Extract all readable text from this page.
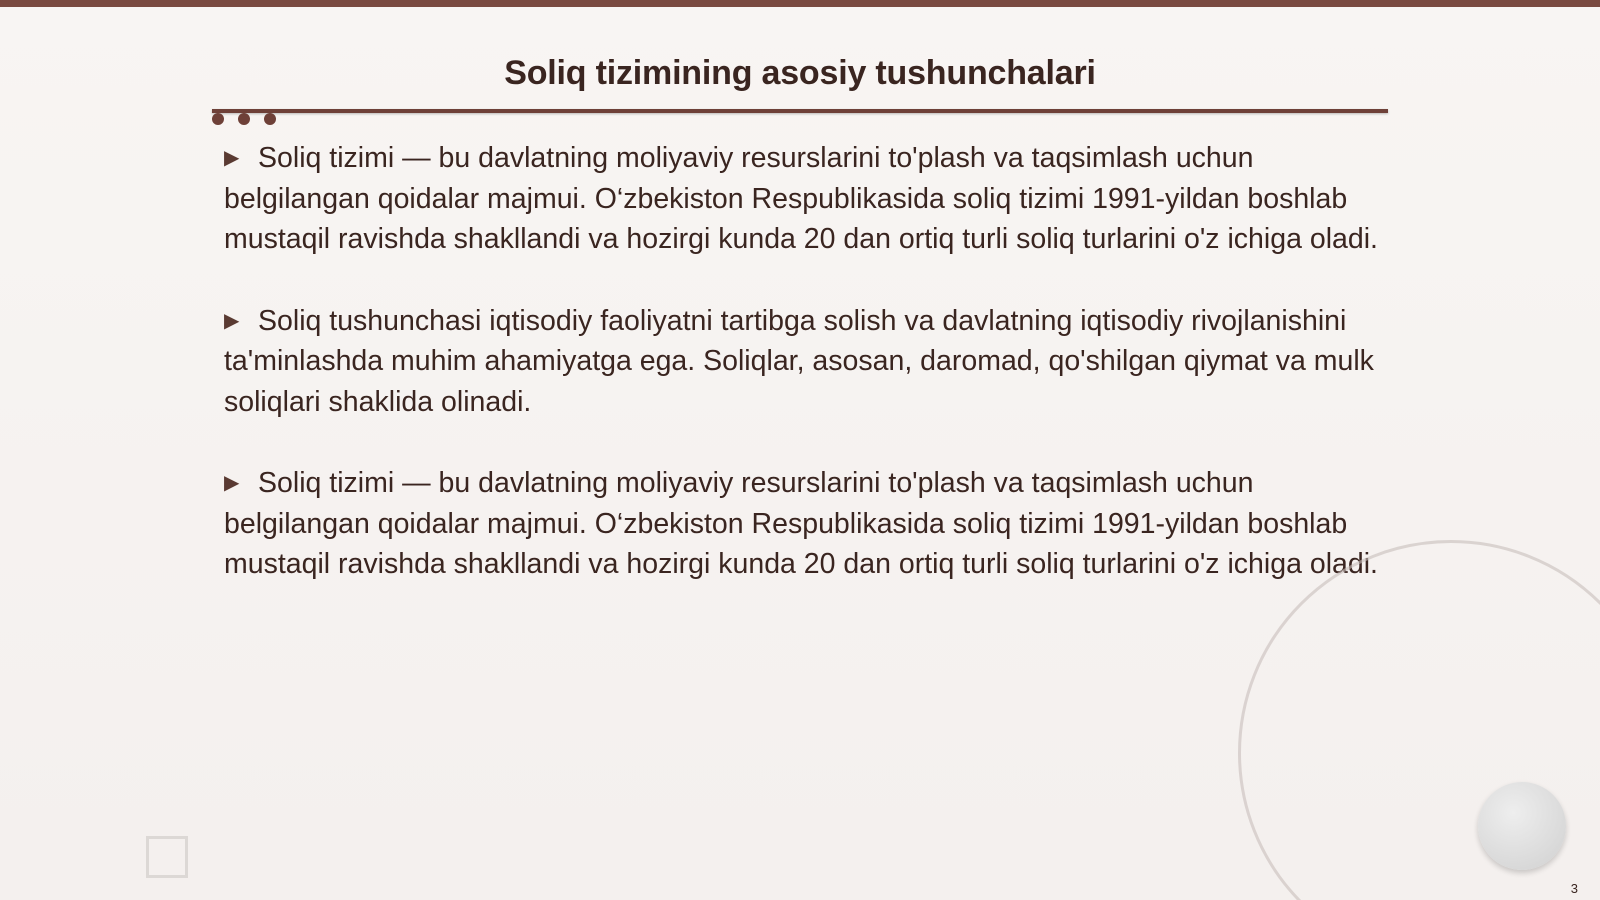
Soliq tizimining asosiy tushunchalari

▶ Soliq tizimi — bu davlatning moliyaviy resurslarini to'plash va taqsimlash uchun belgilangan qoidalar majmui. O‘zbekiston Respublikasida soliq tizimi 1991-yildan boshlab mustaqil ravishda shakllandi va hozirgi kunda 20 dan ortiq turli soliq turlarini o'z ichiga oladi.

▶ Soliq tushunchasi iqtisodiy faoliyatni tartibga solish va davlatning iqtisodiy rivojlanishini ta'minlashda muhim ahamiyatga ega. Soliqlar, asosan, daromad, qo'shilgan qiymat va mulk soliqlari shaklida olinadi.

▶ Soliq tizimi — bu davlatning moliyaviy resurslarini to'plash va taqsimlash uchun belgilangan qoidalar majmui. O‘zbekiston Respublikasida soliq tizimi 1991-yildan boshlab mustaqil ravishda shakllandi va hozirgi kunda 20 dan ortiq turli soliq turlarini o'z ichiga oladi.

3
